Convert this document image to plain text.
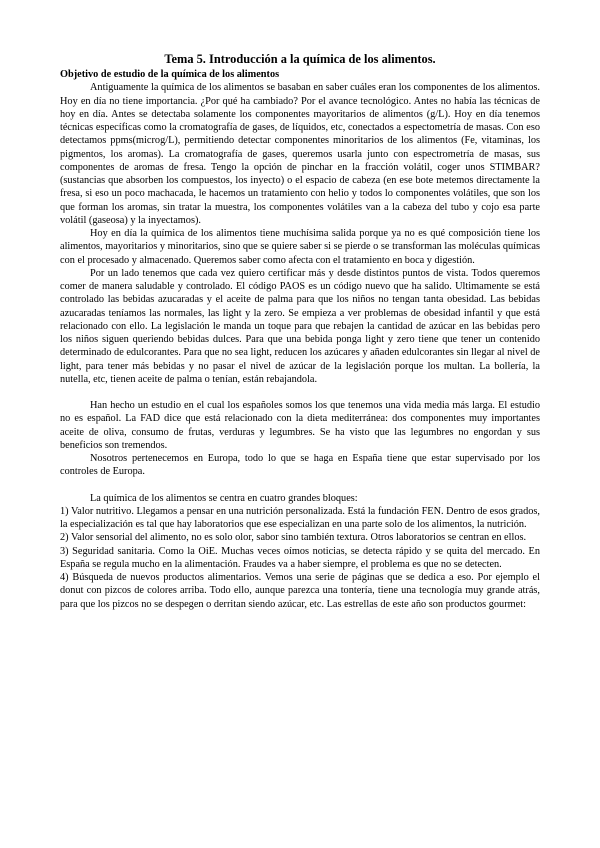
Tema 5. Introducción a la química de los alimentos.
Objetivo de estudio de la química de los alimentos

Antiguamente la química de los alimentos se basaban en saber cuáles eran los componentes de los alimentos. Hoy en día no tiene importancia. ¿Por qué ha cambiado? Por el avance tecnológico. Antes no había las técnicas de hoy en día. Antes se detectaba solamente los componentes mayoritarios de alimentos (g/L). Hoy en día tenemos técnicas específicas como la cromatografía de gases, de líquidos, etc, conectados a espectometría de masas. Con eso detectamos ppms(microg/L), permitiendo detectar componentes minoritarios de los alimentos (Fe, vitaminas, los pigmentos, los aromas). La cromatografía de gases, queremos usarla junto con espectrometría de masas, sus componentes de aromas de fresa. Tengo la opción de pinchar en la fracción volátil, coger unos STIMBAR? (sustancias que absorben los compuestos, los inyecto) o el espacio de cabeza (en ese bote metemos directamente la fresa, si eso un poco machacada, le hacemos un tratamiento con helio y todos lo componentes volátiles, que son los que forman los aromas, sin tratar la muestra, los componentes volátiles van a la cabeza del tubo y cojo esa parte volátil (gaseosa) y la inyectamos).

Hoy en día la química de los alimentos tiene muchísima salida porque ya no es qué composición tiene los alimentos, mayoritarios y minoritarios, sino que se quiere saber si se pierde o se transforman las moléculas químicas con el procesado y almacenado. Queremos saber como afecta con el tratamiento en boca y digestión.

Por un lado tenemos que cada vez quiero certificar más y desde distintos puntos de vista. Todos queremos comer de manera saludable y controlado. El código PAOS es un código nuevo que ha salido. Ultimamente se está controlado las bebidas azucaradas y el aceite de palma para que los niños no tengan tanta obesidad. Las bebidas azucaradas teníamos las normales, las light y la zero. Se empieza a ver problemas de obesidad infantil y que está relacionado con ello. La legislación le manda un toque para que rebajen la cantidad de azúcar en las bebidas pero los niños siguen queriendo bebidas dulces. Para que una bebida ponga light y zero tiene que tener un contenido determinado de edulcorantes. Para que no sea light, reducen los azúcares y añaden edulcorantes sin llegar al nivel de light, para tener más bebidas y no pasar el nivel de azúcar de la legislación porque los multan. La bollería, la nutella, etc, tienen aceite de palma o tenían, están rebajandola.

Han hecho un estudio en el cual los españoles somos los que tenemos una vida media más larga. El estudio no es español. La FAD dice que está relacionado con la dieta mediterránea: dos componentes muy importantes aceite de oliva, consumo de frutas, verduras y legumbres. Se ha visto que las legumbres no engordan y sus beneficios son tremendos.

Nosotros pertenecemos en Europa, todo lo que se haga en España tiene que estar supervisado por los controles de Europa.

La química de los alimentos se centra en cuatro grandes bloques:

1) Valor nutritivo. Llegamos a pensar en una nutrición personalizada. Está la fundación FEN. Dentro de esos grados, la especialización es tal que hay laboratorios que ese especializan en una parte solo de los alimentos, la nutrición.

2) Valor sensorial del alimento, no es solo olor, sabor sino también textura. Otros laboratorios se centran en ellos.

3) Seguridad sanitaria. Como la OiE. Muchas veces oímos noticias, se detecta rápido y se quita del mercado. En España se regula mucho en la alimentación. Fraudes va a haber siempre, el problema es que no se detecten.

4) Búsqueda de nuevos productos alimentarios. Vemos una serie de páginas que se dedica a eso. Por ejemplo el donut con pizcos de colores arriba. Todo ello, aunque parezca una tontería, tiene una tecnología muy grande atrás, para que los pizcos no se despegen o derritan siendo azúcar, etc. Las estrellas de este año son productos gourmet:
